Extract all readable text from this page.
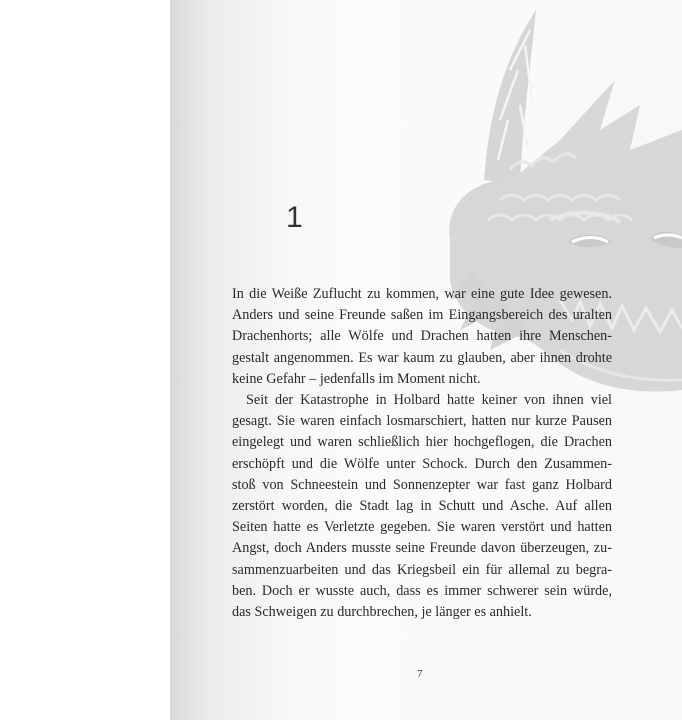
1
In die Weiße Zuflucht zu kommen, war eine gute Idee gewesen.
Anders und seine Freunde saßen im Eingangsbereich des uralten
Drachenhorts; alle Wölfe und Drachen hatten ihre Menschen-
gestalt angenommen. Es war kaum zu glauben, aber ihnen drohte
keine Gefahr – jedenfalls im Moment nicht.
Seit der Katastrophe in Holbard hatte keiner von ihnen viel
gesagt. Sie waren einfach losmarschiert, hatten nur kurze Pausen
eingelegt und waren schließlich hier hochgeflogen, die Drachen
erschöpft und die Wölfe unter Schock. Durch den Zusammen-
stoß von Schneestein und Sonnenzepter war fast ganz Holbard
zerstört worden, die Stadt lag in Schutt und Asche. Auf allen
Seiten hatte es Verletzte gegeben. Sie waren verstört und hatten
Angst, doch Anders musste seine Freunde davon überzeugen, zu-
sammenzuarbeiten und das Kriegsbeil ein für allemal zu begra-
ben. Doch er wusste auch, dass es immer schwerer sein würde,
das Schweigen zu durchbrechen, je länger es anhielt.
7
